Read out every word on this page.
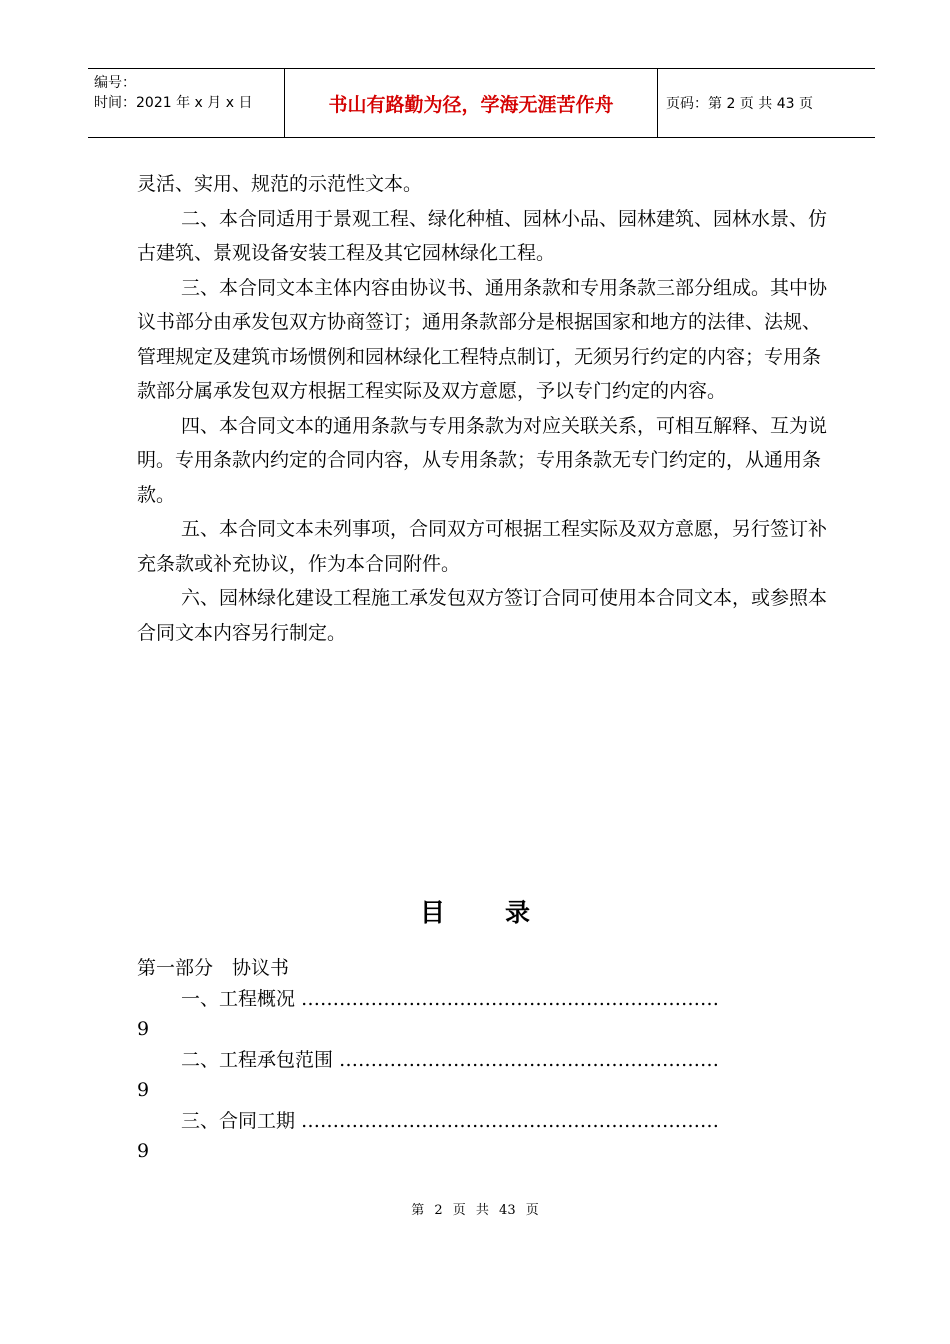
编号：
时间：2021 年 x 月 x 日	书山有路勤为径，学海无涯苦作舟	页码：第 2 页 共 43 页

灵活、实用、规范的示范性文本。

二、本合同适用于景观工程、绿化种植、园林小品、园林建筑、园林水景、仿古建筑、景观设备安装工程及其它园林绿化工程。

三、本合同文本主体内容由协议书、通用条款和专用条款三部分组成。其中协议书部分由承发包双方协商签订；通用条款部分是根据国家和地方的法律、法规、管理规定及建筑市场惯例和园林绿化工程特点制订，无须另行约定的内容；专用条款部分属承发包双方根据工程实际及双方意愿，予以专门约定的内容。

四、本合同文本的通用条款与专用条款为对应关联关系，可相互解释、互为说明。专用条款内约定的合同内容，从专用条款；专用条款无专门约定的，从通用条款。

五、本合同文本未列事项，合同双方可根据工程实际及双方意愿，另行签订补充条款或补充协议，作为本合同附件。

六、园林绿化建设工程施工承发包双方签订合同可使用本合同文本，或参照本合同文本内容另行制定。

目录

第一部分　协议书

一、工程概况 …………………………………………………………

9

二、工程承包范围 ……………………………………………………

9

三、合同工期 …………………………………………………………

9

第 2 页 共 43 页
